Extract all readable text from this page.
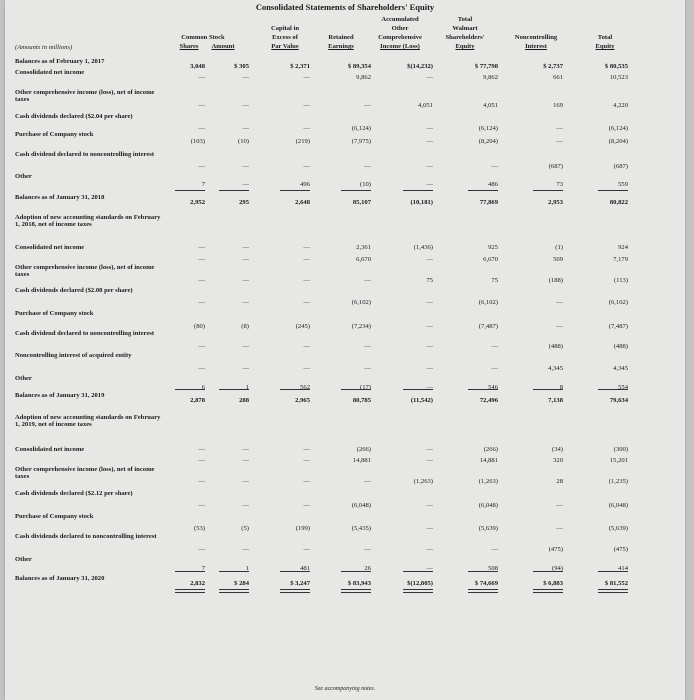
Consolidated Statements of Shareholders' Equity
Accumulated	Total
Capital in	Other	Walmart
Common Stock	Excess of	Retained	Comprehensive	Shareholders'	Noncontrolling	Total
(Amounts in millions)	Shares Amount	Par Value	Earnings	Income (Loss)	Equity	Interest	Equity
Balances as of February 1, 2017
3,048	$ 305	$ 2,371	$ 89,354	$(14,232)	$ 77,798	$ 2,737	$ 80,535
Consolidated net income
—	—	—	9,862	—	9,862	661	10,523
Other comprehensive income (loss), net of income taxes
—	—	—	—	4,051	4,051	169	4,220
Cash dividends declared ($2.04 per share)
—	—	—	(6,124)	—	(6,124)	—	(6,124)
Purchase of Company stock
(103)	(10)	(219)	(7,975)	—	(8,204)	—	(8,204)
Cash dividend declared to noncontrolling interest
—	—	—	—	—	—	(687)	(687)
Other
7	—	496	(10)	—	486	73	559
Balances as of January 31, 2018
2,952	295	2,648	85,107	(10,181)	77,869	2,953	80,822
Adoption of new accounting standards on February 1, 2018, net of income taxes
—	—	—	2,361	(1,436)	925	(1)	924
Consolidated net income
—	—	—	6,670	—	6,670	509	7,179
Other comprehensive income (loss), net of income taxes
—	—	—	—	75	75	(188)	(113)
Cash dividends declared ($2.08 per share)
—	—	—	(6,102)	—	(6,102)	—	(6,102)
Purchase of Company stock
(80)	(8)	(245)	(7,234)	—	(7,487)	—	(7,487)
Cash dividend declared to noncontrolling interest
—	—	—	—	—	—	(488)	(488)
Noncontrolling interest of acquired entity
—	—	—	—	—	—	4,345	4,345
Other
6	1	562	(17)	—	546	8	554
Balances as of January 31, 2019
2,878	288	2,965	80,785	(11,542)	72,496	7,138	79,634
Adoption of new accounting standards on February 1, 2019, net of income taxes
—	—	—	(266)	—	(266)	(34)	(300)
Consolidated net income
—	—	—	14,881	—	14,881	320	15,201
Other comprehensive income (loss), net of income taxes
—	—	—	—	(1,263)	(1,263)	28	(1,235)
Cash dividends declared ($2.12 per share)
—	—	—	(6,048)	—	(6,048)	—	(6,048)
Purchase of Company stock
(53)	(5)	(199)	(5,435)	—	(5,639)	—	(5,639)
Cash dividends declared to noncontrolling interest
—	—	—	—	—	—	(475)	(475)
Other
7	1	481	26	—	508	(94)	414
Balances as of January 31, 2020
2,832	$ 284	$ 3,247	$ 83,943	$(12,805)	$ 74,669	$ 6,883	$ 81,552
See accompanying notes.
